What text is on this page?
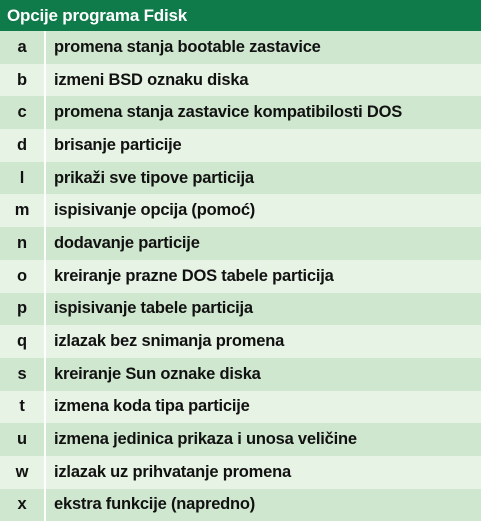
Opcije programa Fdisk
a	promena stanja bootable zastavice
b	izmeni BSD oznaku diska
c	promena stanja zastavice kompatibilosti DOS
d	brisanje particije
l	prikaži sve tipove particija
m	ispisivanje opcija (pomoć)
n	dodavanje particije
o	kreiranje prazne DOS tabele particija
p	ispisivanje tabele particija
q	izlazak bez snimanja promena
s	kreiranje Sun oznake diska
t	izmena koda tipa particije
u	izmena jedinica prikaza i unosa veličine
w	izlazak uz prihvatanje promena
x	ekstra funkcije (napredno)
